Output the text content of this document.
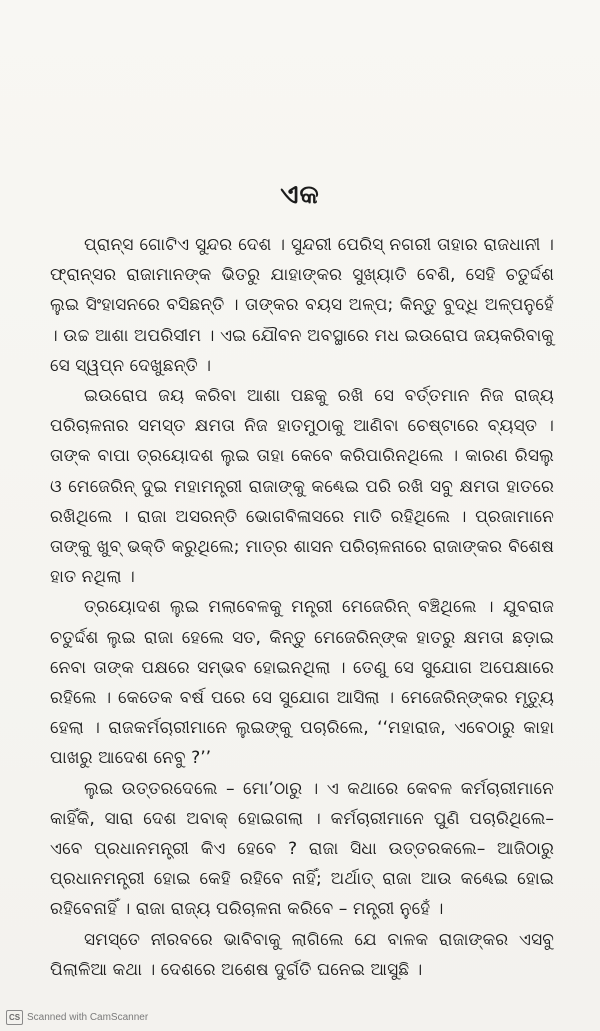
ଏକ

ପ୍ରାନ୍ସ ଗୋଟିଏ ସୁନ୍ଦର ଦେଶ । ସୁନ୍ଦରୀ ପେରିସ୍ ନଗରୀ ତାହାର ରାଜଧାନୀ । ଫ୍ରାନ୍ସର ରାଜାମାନଙ୍କ ଭିତରୁ ଯାହାଙ୍କର ସୁଖ୍ୟାତି ବେଶି, ସେହି ଚତୁର୍ଦ୍ଦଶ ଲୁଇ ସିଂହାସନରେ ବସିଛନ୍ତି । ତାଙ୍କର ବୟସ ଅଳ୍ପ; କିନ୍ତୁ ବୁଦ୍ଧି ଅଳ୍ପନୁହେଁ । ଉଚ୍ଚ ଆଶା ଅପରିସୀମ । ଏଇ ଯୌବନ ଅବସ୍ଥାରେ ମଧ ଇଉରୋପ ଜୟକରିବାକୁ ସେ ସ୍ୱପ୍ନ ଦେଖୁଛନ୍ତି ।

ଇଉରୋପ ଜୟ କରିବା ଆଶା ପଛକୁ ରଖି ସେ ବର୍ତ୍ତମାନ ନିଜ ରାଜ୍ୟ ପରିଚାଳନାର ସମସ୍ତ କ୍ଷମତା ନିଜ ହାତମୁଠାକୁ ଆଣିବା ଚେଷ୍ଟାରେ ବ୍ୟସ୍ତ । ତାଙ୍କ ବାପା ତ୍ରୟୋଦଶ ଲୁଇ ତାହା କେବେ କରିପାରିନଥିଲେ । କାରଣ ରିସଲୁ ଓ ମେଜେରିନ୍ ଦୁଇ ମହାମନ୍ତ୍ରୀ ରାଜାଙ୍କୁ କଣ୍ଢେଇ ପରି ରଖି ସବୁ କ୍ଷମତା ହାତରେ ରଖିଥିଲେ । ରାଜା ଅସରନ୍ତି ଭୋଗବିଳାସରେ ମାତି ରହିଥିଲେ । ପ୍ରଜାମାନେ ତାଙ୍କୁ ଖୁବ୍ ଭକ୍ତି କରୁଥିଲେ; ମାତ୍ର ଶାସନ ପରିଚାଳନାରେ ରାଜାଙ୍କର ବିଶେଷ ହାତ ନଥିଲା ।

ତ୍ରୟୋଦଶ ଲୁଇ ମଲାବେଳକୁ ମନ୍ତ୍ରୀ ମେଜେରିନ୍ ବଞ୍ଚିଥିଲେ । ଯୁବରାଜ ଚତୁର୍ଦ୍ଦଶ ଲୁଇ ରାଜା ହେଲେ ସତ, କିନ୍ତୁ ମେଜେରିନ୍‌ଙ୍କ ହାତରୁ କ୍ଷମତା ଛଡ଼ାଇ ନେବା ତାଙ୍କ ପକ୍ଷରେ ସମ୍ଭବ ହୋଇନଥିଲା । ତେଣୁ ସେ ସୁଯୋଗ ଅପେକ୍ଷାରେ ରହିଲେ । କେତେକ ବର୍ଷ ପରେ ସେ ସୁଯୋଗ ଆସିଲା । ମେଜେରିନ୍‌ଙ୍କର ମୃତ୍ୟୁ ହେଲା । ରାଜକର୍ମଚାରୀମାନେ ଲୁଇଙ୍କୁ ପଚାରିଲେ, ‘‘ମହାରାଜ, ଏବେଠାରୁ କାହା ପାଖରୁ ଆଦେଶ ନେବୁ ?’’

ଲୁଇ ଉତ୍ତରଦେଲେ – ମୋ’ଠାରୁ । ଏ କଥାରେ କେବଳ କର୍ମଚାରୀମାନେ କାହିଁକି, ସାରା ଦେଶ ଅବାକ୍ ହୋଇଗଲା । କର୍ମଚାରୀମାନେ ପୁଣି ପଚାରିଥିଲେ– ଏବେ ପ୍ରଧାନମନ୍ତ୍ରୀ କିଏ ହେବେ ? ରାଜା ସିଧା ଉତ୍ତରକଲେ– ଆଜିଠାରୁ ପ୍ରଧାନମନ୍ତ୍ରୀ ହୋଇ କେହି ରହିବେ ନାହିଁ; ଅର୍ଥାତ୍ ରାଜା ଆଉ କଣ୍ଢେଇ ହୋଇ ରହିବେନାହିଁ । ରାଜା ରାଜ୍ୟ ପରିଚାଳନା କରିବେ – ମନ୍ତ୍ରୀ ନୁହେଁ ।

ସମସ୍ତେ ନୀରବରେ ଭାବିବାକୁ ଲାଗିଲେ ଯେ ବାଳକ ରାଜାଙ୍କର ଏସବୁ ପିଲାଳିଆ କଥା । ଦେଶରେ ଅଶେଷ ଦୁର୍ଗତି ଘନେଇ ଆସୁଛି ।

CS Scanned with CamScanner
